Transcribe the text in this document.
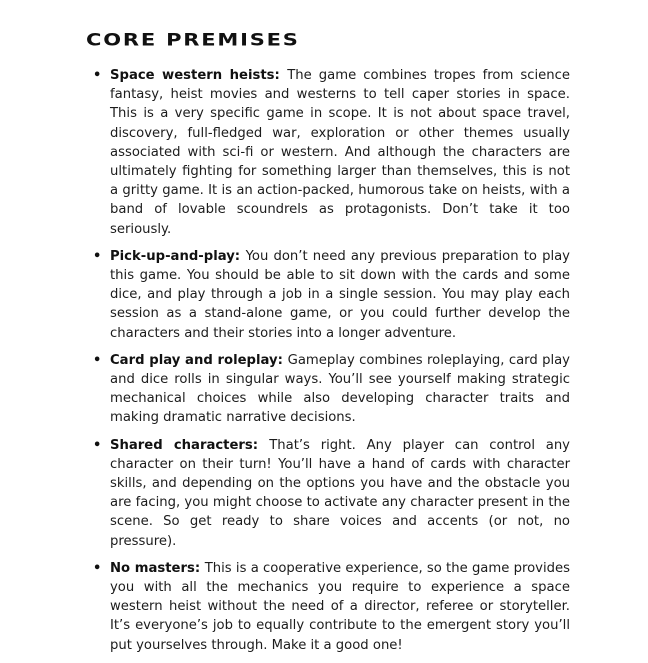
CORE PREMISES
• Space western heists: The game combines tropes from science fantasy, heist movies and westerns to tell caper stories in space. This is a very specific game in scope. It is not about space travel, discovery, full-fledged war, exploration or other themes usually associated with sci-fi or western. And although the characters are ultimately fighting for something larger than themselves, this is not a gritty game. It is an action-packed, humorous take on heists, with a band of lovable scoundrels as protagonists. Don’t take it too seriously.
• Pick-up-and-play: You don’t need any previous preparation to play this game. You should be able to sit down with the cards and some dice, and play through a job in a single session. You may play each session as a stand-alone game, or you could further develop the characters and their stories into a longer adventure.
• Card play and roleplay: Gameplay combines roleplaying, card play and dice rolls in singular ways. You’ll see yourself making strategic mechanical choices while also developing character traits and making dramatic narrative decisions.
• Shared characters: That’s right. Any player can control any character on their turn! You’ll have a hand of cards with character skills, and depending on the options you have and the obstacle you are facing, you might choose to activate any character present in the scene. So get ready to share voices and accents (or not, no pressure).
• No masters: This is a cooperative experience, so the game provides you with all the mechanics you require to experience a space western heist without the need of a director, referee or storyteller. It’s everyone’s job to equally contribute to the emergent story you’ll put yourselves through. Make it a good one!
